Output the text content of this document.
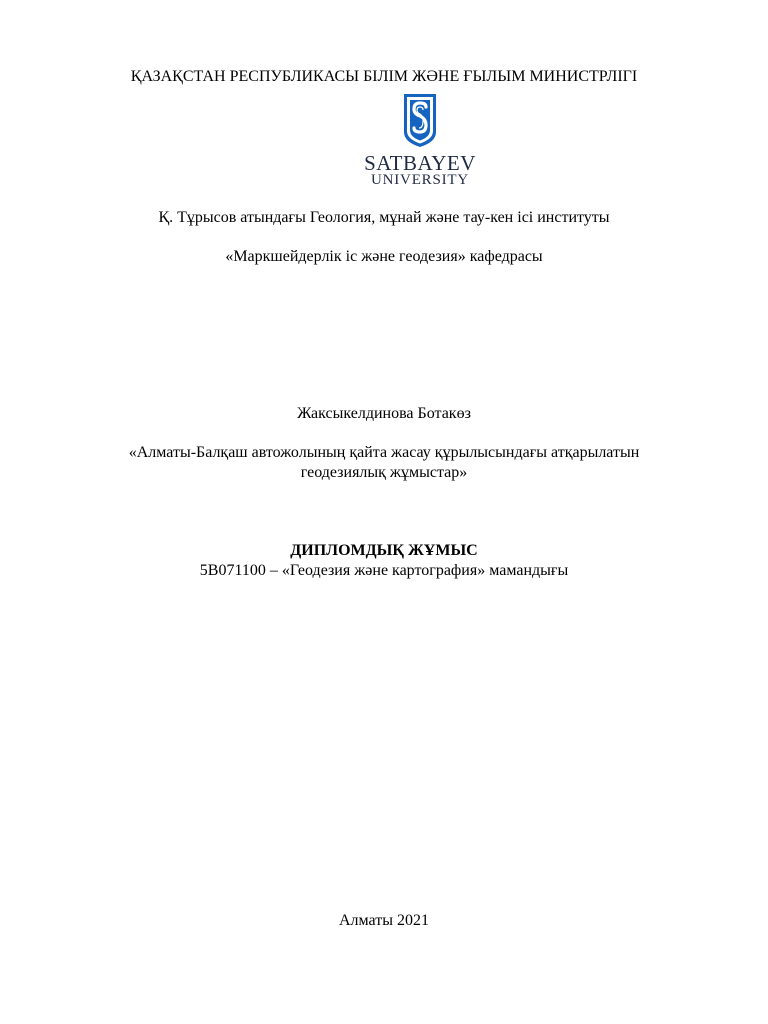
ҚАЗАҚСТАН РЕСПУБЛИКАСЫ БІЛІМ ЖӘНЕ ҒЫЛЫМ МИНИСТРЛІГІ
SATBAYEV
UNIVERSITY
Қ. Тұрысов атындағы Геология, мұнай және тау-кен ісі институты
«Маркшейдерлік іс және геодезия» кафедрасы
Жаксыкелдинова Ботакөз
«Алматы-Балқаш автожолының қайта жасау құрылысындағы атқарылатын
геодезиялық жұмыстар»
ДИПЛОМДЫҚ ЖҰМЫС
5В071100 – «Геодезия және картография» мамандығы
Алматы 2021
